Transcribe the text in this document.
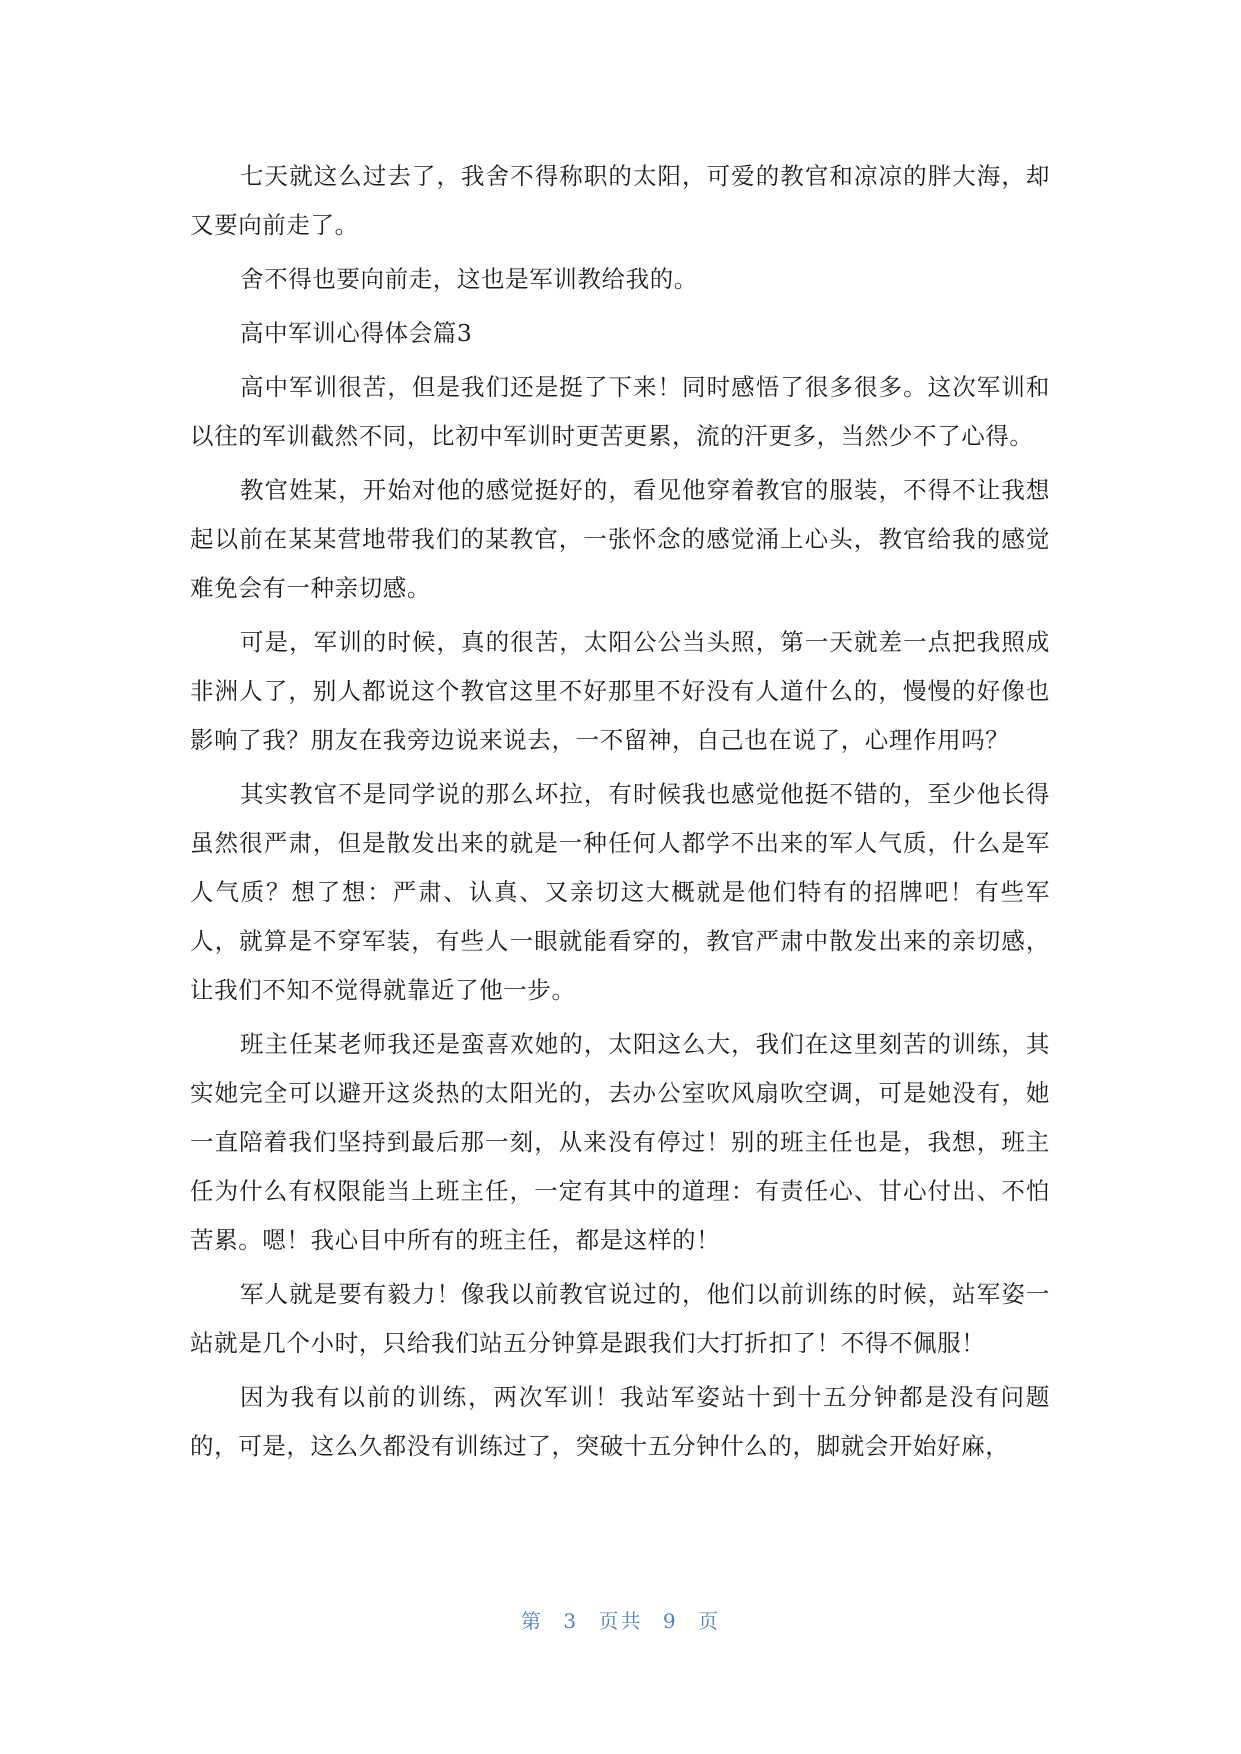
七天就这么过去了，我舍不得称职的太阳，可爱的教官和凉凉的胖大海，却又要向前走了。

舍不得也要向前走，这也是军训教给我的。

高中军训心得体会篇3

高中军训很苦，但是我们还是挺了下来！同时感悟了很多很多。这次军训和以往的军训截然不同，比初中军训时更苦更累，流的汗更多，当然少不了心得。

教官姓某，开始对他的感觉挺好的，看见他穿着教官的服装，不得不让我想起以前在某某营地带我们的某教官，一张怀念的感觉涌上心头，教官给我的感觉难免会有一种亲切感。

可是，军训的时候，真的很苦，太阳公公当头照，第一天就差一点把我照成非洲人了，别人都说这个教官这里不好那里不好没有人道什么的，慢慢的好像也影响了我？朋友在我旁边说来说去，一不留神，自己也在说了，心理作用吗？

其实教官不是同学说的那么坏拉，有时候我也感觉他挺不错的，至少他长得虽然很严肃，但是散发出来的就是一种任何人都学不出来的军人气质，什么是军人气质？想了想：严肃、认真、又亲切这大概就是他们特有的招牌吧！有些军人，就算是不穿军装，有些人一眼就能看穿的，教官严肃中散发出来的亲切感，让我们不知不觉得就靠近了他一步。

班主任某老师我还是蛮喜欢她的，太阳这么大，我们在这里刻苦的训练，其实她完全可以避开这炎热的太阳光的，去办公室吹风扇吹空调，可是她没有，她一直陪着我们坚持到最后那一刻，从来没有停过！别的班主任也是，我想，班主任为什么有权限能当上班主任，一定有其中的道理：有责任心、甘心付出、不怕苦累。嗯！我心目中所有的班主任，都是这样的！

军人就是要有毅力！像我以前教官说过的，他们以前训练的时候，站军姿一站就是几个小时，只给我们站五分钟算是跟我们大打折扣了！不得不佩服！

因为我有以前的训练，两次军训！我站军姿站十到十五分钟都是没有问题的，可是，这么久都没有训练过了，突破十五分钟什么的，脚就会开始好麻，

第 3 页共 9 页
